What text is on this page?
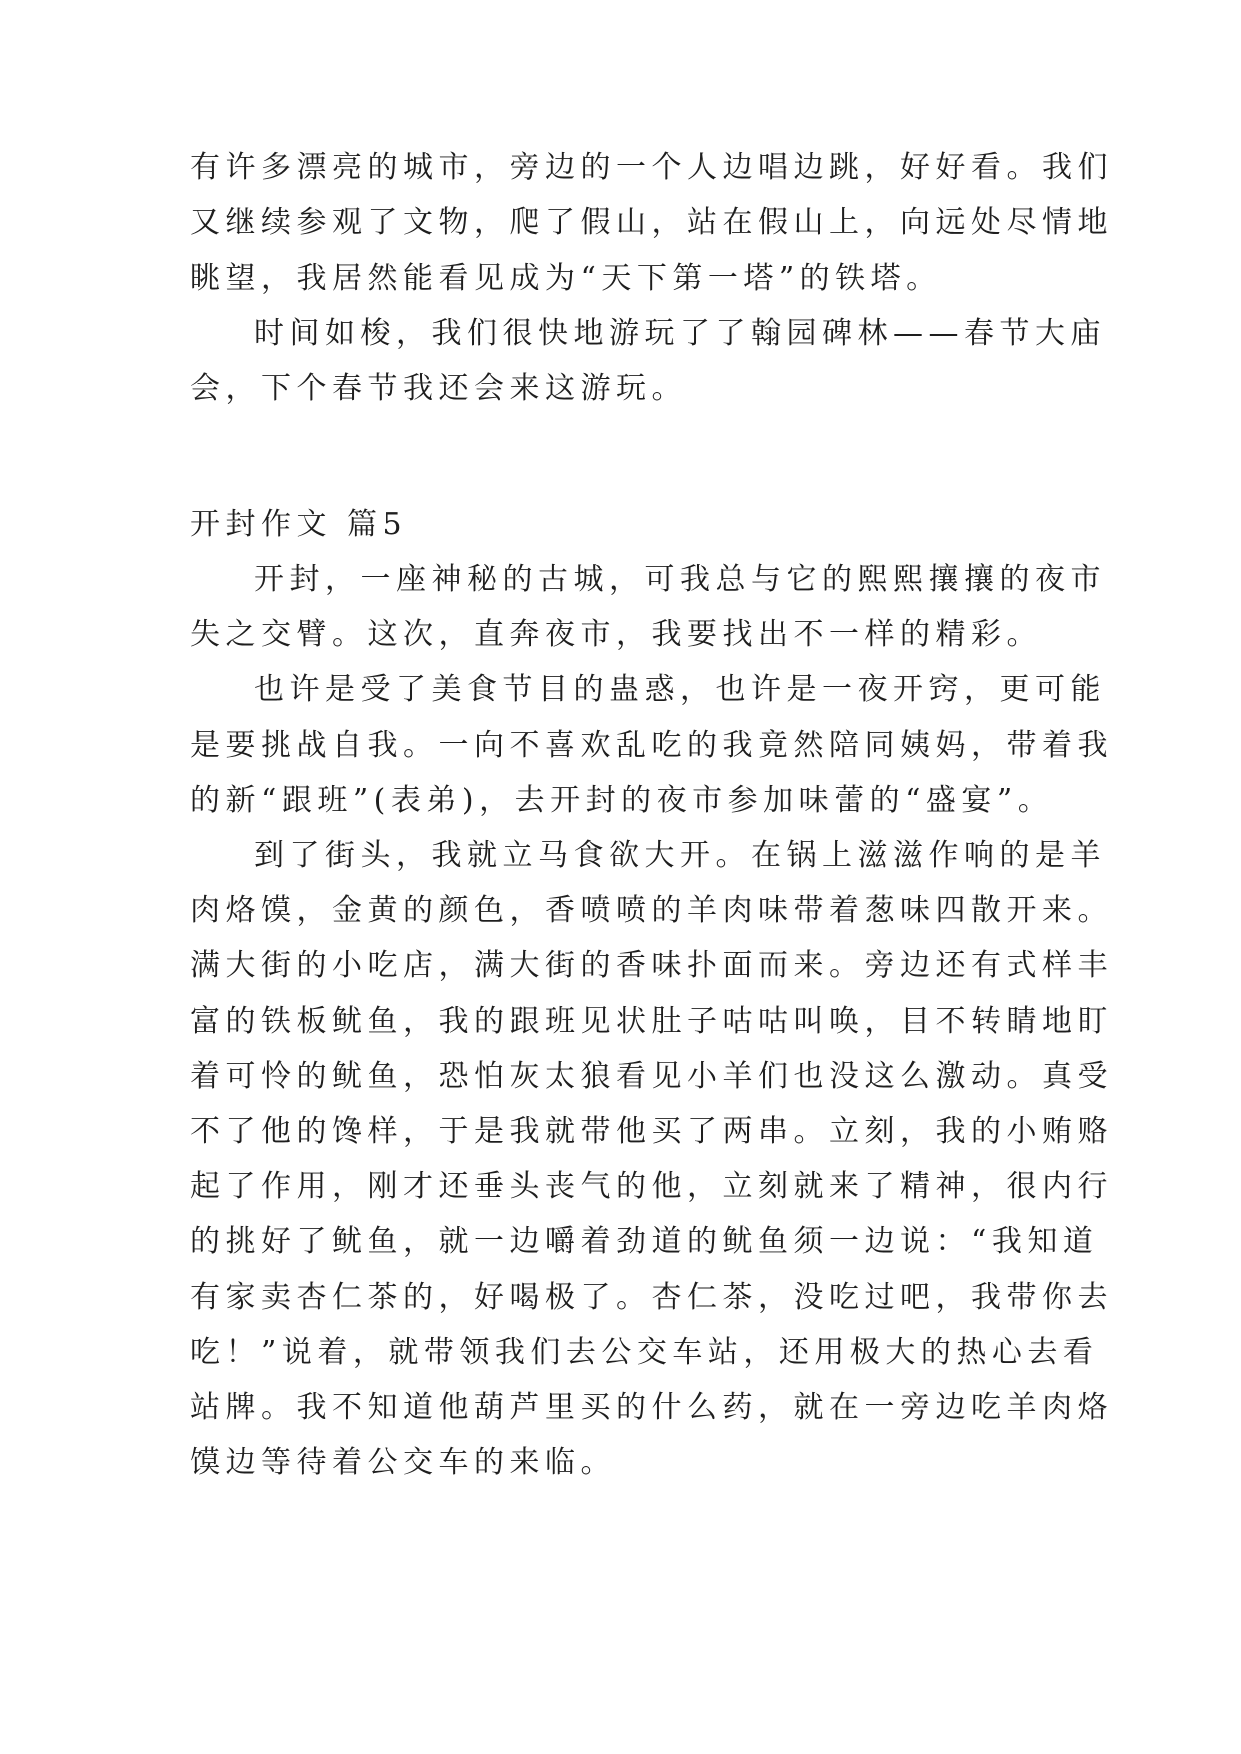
有许多漂亮的城市，旁边的一个人边唱边跳，好好看。我们
又继续参观了文物，爬了假山，站在假山上，向远处尽情地
眺望，我居然能看见成为“天下第一塔”的铁塔。
时间如梭，我们很快地游玩了了翰园碑林——春节大庙
会，下个春节我还会来这游玩。
开封作文 篇5
开封，一座神秘的古城，可我总与它的熙熙攘攘的夜市
失之交臂。这次，直奔夜市，我要找出不一样的精彩。
也许是受了美食节目的蛊惑，也许是一夜开窍，更可能
是要挑战自我。一向不喜欢乱吃的我竟然陪同姨妈，带着我
的新“跟班”(表弟)，去开封的夜市参加味蕾的“盛宴”。
到了街头，我就立马食欲大开。在锅上滋滋作响的是羊
肉烙馍，金黄的颜色，香喷喷的羊肉味带着葱味四散开来。
满大街的小吃店，满大街的香味扑面而来。旁边还有式样丰
富的铁板鱿鱼，我的跟班见状肚子咕咕叫唤，目不转睛地盯
着可怜的鱿鱼，恐怕灰太狼看见小羊们也没这么激动。真受
不了他的馋样，于是我就带他买了两串。立刻，我的小贿赂
起了作用，刚才还垂头丧气的他，立刻就来了精神，很内行
的挑好了鱿鱼，就一边嚼着劲道的鱿鱼须一边说：“我知道
有家卖杏仁茶的，好喝极了。杏仁茶，没吃过吧，我带你去
吃！”说着，就带领我们去公交车站，还用极大的热心去看
站牌。我不知道他葫芦里买的什么药，就在一旁边吃羊肉烙
馍边等待着公交车的来临。
